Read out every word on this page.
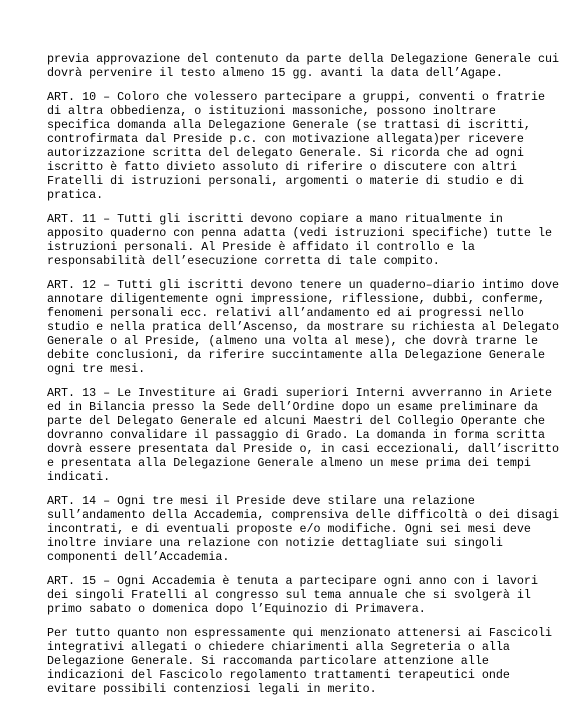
previa approvazione del contenuto da parte della Delegazione Generale cui
dovrà pervenire il testo almeno 15 gg. avanti la data dell’Agape.
ART. 10 – Coloro che volessero partecipare a gruppi, conventi o fratrie
di altra obbedienza, o istituzioni massoniche, possono inoltrare
specifica domanda alla Delegazione Generale (se trattasi di iscritti,
controfirmata dal Preside p.c. con motivazione allegata)per ricevere
autorizzazione scritta del delegato Generale. Si ricorda che ad ogni
iscritto è fatto divieto assoluto di riferire o discutere con altri
Fratelli di istruzioni personali, argomenti o materie di studio e di
pratica.
ART. 11 – Tutti gli iscritti devono copiare a mano ritualmente in
apposito quaderno con penna adatta (vedi istruzioni specifiche) tutte le
istruzioni personali. Al Preside è affidato il controllo e la
responsabilità dell’esecuzione corretta di tale compito.
ART. 12 – Tutti gli iscritti devono tenere un quaderno–diario intimo dove
annotare diligentemente ogni impressione, riflessione, dubbi, conferme,
fenomeni personali ecc. relativi all’andamento ed ai progressi nello
studio e nella pratica dell’Ascenso, da mostrare su richiesta al Delegato
Generale o al Preside, (almeno una volta al mese), che dovrà trarne le
debite conclusioni, da riferire succintamente alla Delegazione Generale
ogni tre mesi.
ART. 13 – Le Investiture ai Gradi superiori Interni avverranno in Ariete
ed in Bilancia presso la Sede dell’Ordine dopo un esame preliminare da
parte del Delegato Generale ed alcuni Maestri del Collegio Operante che
dovranno convalidare il passaggio di Grado. La domanda in forma scritta
dovrà essere presentata dal Preside o, in casi eccezionali, dall’iscritto
e presentata alla Delegazione Generale almeno un mese prima dei tempi
indicati.
ART. 14 – Ogni tre mesi il Preside deve stilare una relazione
sull’andamento della Accademia, comprensiva delle difficoltà o dei disagi
incontrati, e di eventuali proposte e/o modifiche. Ogni sei mesi deve
inoltre inviare una relazione con notizie dettagliate sui singoli
componenti dell’Accademia.
ART. 15 – Ogni Accademia è tenuta a partecipare ogni anno con i lavori
dei singoli Fratelli al congresso sul tema annuale che si svolgerà il
primo sabato o domenica dopo l’Equinozio di Primavera.
Per tutto quanto non espressamente qui menzionato attenersi ai Fascicoli
integrativi allegati o chiedere chiarimenti alla Segreteria o alla
Delegazione Generale. Si raccomanda particolare attenzione alle
indicazioni del Fascicolo regolamento trattamenti terapeutici onde
evitare possibili contenziosi legali in merito.
